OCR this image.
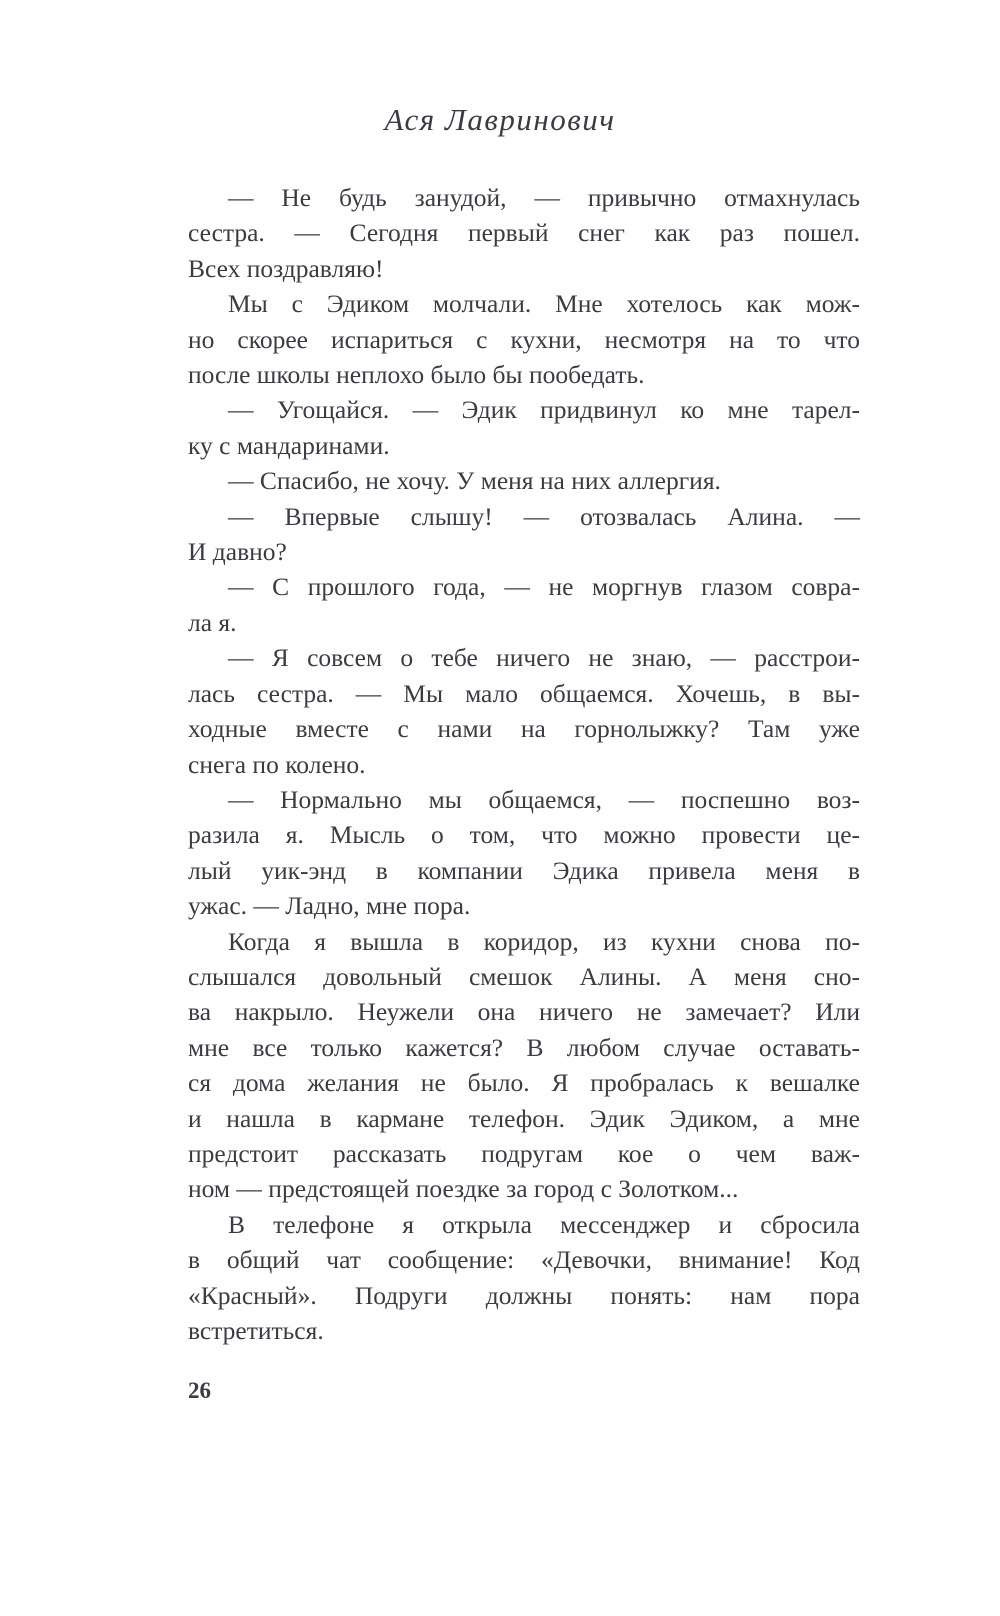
Ася Лавринович
— Не будь занудой, — привычно отмахнулась
сестра. — Сегодня первый снег как раз пошел.
Всех поздравляю!
Мы с Эдиком молчали. Мне хотелось как мож-
но скорее испариться с кухни, несмотря на то что
после школы неплохо было бы пообедать.
— Угощайся. — Эдик придвинул ко мне тарел-
ку с мандаринами.
— Спасибо, не хочу. У меня на них аллергия.
— Впервые слышу! — отозвалась Алина. —
И давно?
— С прошлого года, — не моргнув глазом совра-
ла я.
— Я совсем о тебе ничего не знаю, — расстрои-
лась сестра. — Мы мало общаемся. Хочешь, в вы-
ходные вместе с нами на горнолыжку? Там уже
снега по колено.
— Нормально мы общаемся, — поспешно воз-
разила я. Мысль о том, что можно провести це-
лый уик-энд в компании Эдика привела меня в
ужас. — Ладно, мне пора.
Когда я вышла в коридор, из кухни снова по-
слышался довольный смешок Алины. А меня сно-
ва накрыло. Неужели она ничего не замечает? Или
мне все только кажется? В любом случае оставать-
ся дома желания не было. Я пробралась к вешалке
и нашла в кармане телефон. Эдик Эдиком, а мне
предстоит рассказать подругам кое о чем важ-
ном — предстоящей поездке за город с Золотком...
В телефоне я открыла мессенджер и сбросила
в общий чат сообщение: «Девочки, внимание! Код
«Красный». Подруги должны понять: нам пора
встретиться.
26
